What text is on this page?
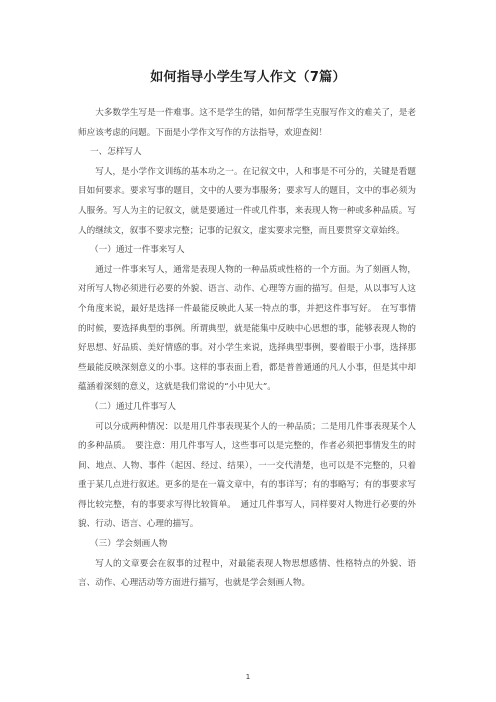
如何指导小学生写人作文（7篇）

大多数学生写是一件难事。这不是学生的错，如何帮学生克服写作文的难关了，是老师应该考虑的问题。下面是小学作文写作的方法指导，欢迎查阅！

一、怎样写人

写人，是小学作文训练的基本功之一。在记叙文中，人和事是不可分的，关键是看题目如何要求。要求写事的题目，文中的人要为事服务；要求写人的题目，文中的事必须为人服务。写人为主的记叙文，就是要通过一件或几件事，来表现人物一种或多种品质。写人的继续文，叙事不要求完整；记事的记叙文，虚实要求完整，而且要贯穿文章始终。

（一）通过一件事来写人

通过一件事来写人，通常是表现人物的一种品质或性格的一个方面。为了刻画人物，对所写人物必须进行必要的外貌、语言、动作、心理等方面的描写。但是，从以事写人这个角度来说，最好是选择一件最能反映此人某一特点的事，并把这件事写好。　在写事情的时候，要选择典型的事例。所谓典型，就是能集中反映中心思想的事，能够表现人物的好思想、好品质、美好情感的事。对小学生来说，选择典型事例，要着眼于小事，选择那些最能反映深刻意义的小事。这样的事表面上看，都是普普通通的凡人小事，但是其中却蕴涵着深刻的意义，这就是我们常说的“小中见大”。

（二）通过几件事写人

可以分成两种情况：以是用几件事表现某个人的一种品质；二是用几件事表现某个人的多种品质。　要注意：用几件事写人，这些事可以是完整的，作者必须把事情发生的时间、地点、人物、事件（起因、经过、结果），一一交代清楚，也可以是不完整的，只着重于某几点进行叙述。更多的是在一篇文章中，有的事详写；有的事略写；有的事要求写得比较完整，有的事要求写得比较简单。　通过几件事写人，同样要对人物进行必要的外貌、行动、语言、心理的描写。

（三）学会刻画人物

写人的文章要会在叙事的过程中，对最能表现人物思想感情、性格特点的外貌、语言、动作、心理活动等方面进行描写，也就是学会刻画人物。

1
